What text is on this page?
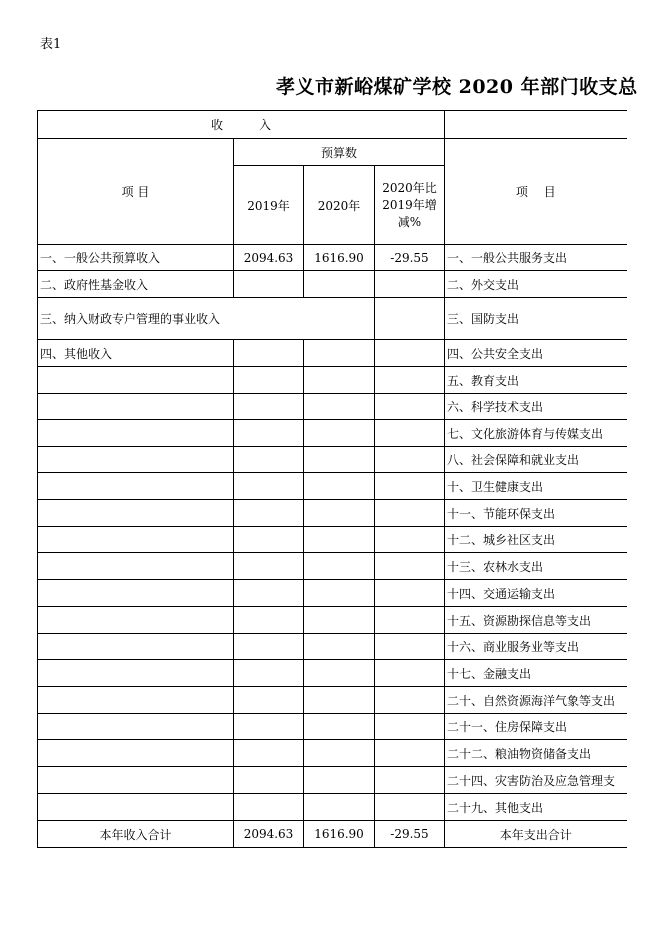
表1
孝义市新峪煤矿学校 2020 年部门收支总
收　　　入				
项 目	预算数			项　 目
	2019年	2020年	2020年比2019年增减%	
一、一般公共预算收入	2094.63	1616.90	-29.55	一、一般公共服务支出
二、政府性基金收入				二、外交支出
三、纳入财政专户管理的事业收入				三、国防支出
四、其他收入				四、公共安全支出
				五、教育支出
				六、科学技术支出
				七、文化旅游体育与传媒支出
				八、社会保障和就业支出
				十、卫生健康支出
				十一、节能环保支出
				十二、城乡社区支出
				十三、农林水支出
				十四、交通运输支出
				十五、资源勘探信息等支出
				十六、商业服务业等支出
				十七、金融支出
				二十、自然资源海洋气象等支出
				二十一、住房保障支出
				二十二、粮油物资储备支出
				二十四、灾害防治及应急管理支
				二十九、其他支出
本年收入合计	2094.63	1616.90	-29.55	本年支出合计
